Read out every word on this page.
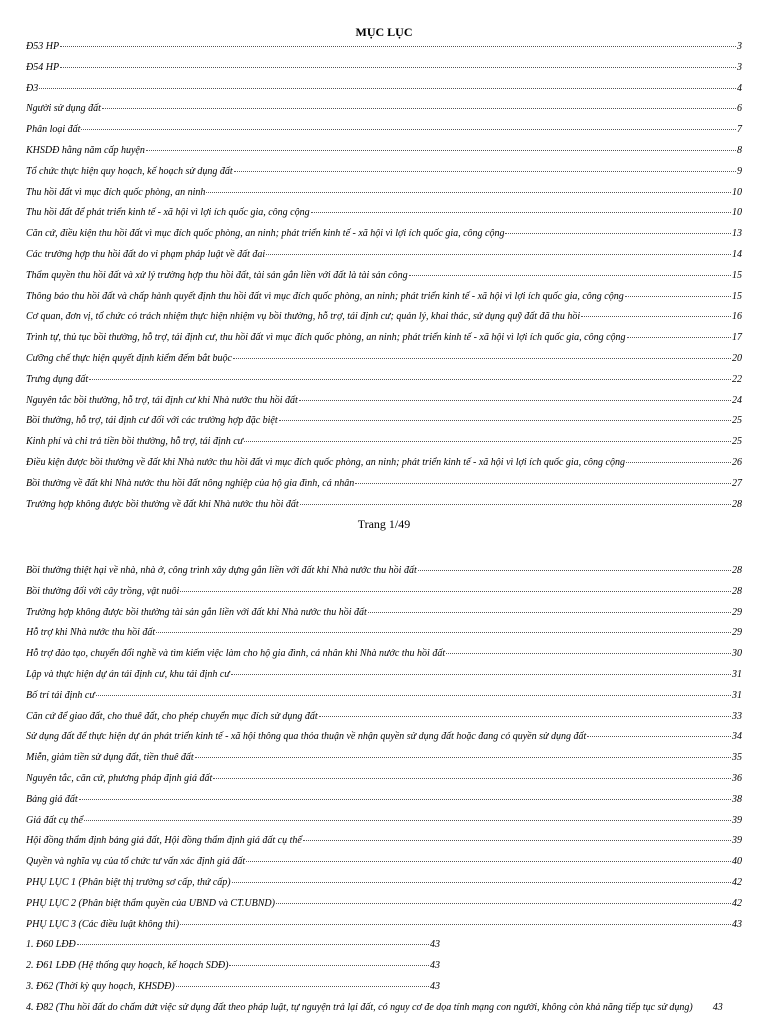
MỤC LỤC
Đ53 HP	3
Đ54 HP	3
Đ3	4
Người sử dụng đất	6
Phân loại đất	7
KHSDĐ hằng năm cấp huyện	8
Tổ chức thực hiện quy hoạch, kế hoạch sử dụng đất	9
Thu hồi đất vì mục đích quốc phòng, an ninh	10
Thu hồi đất để phát triển kinh tế - xã hội vì lợi ích quốc gia, công cộng	10
Căn cứ, điều kiện thu hồi đất vì mục đích quốc phòng, an ninh; phát triển kinh tế - xã hội vì lợi ích quốc gia, công cộng	13
Các trường hợp thu hồi đất do vi phạm pháp luật về đất đai	14
Thẩm quyền thu hồi đất và xử lý trường hợp thu hồi đất, tài sản gắn liền với đất là tài sản công	15
Thông báo thu hồi đất và chấp hành quyết định thu hồi đất vì mục đích quốc phòng, an ninh; phát triển kinh tế - xã hội vì lợi ích quốc gia, công cộng	15
Cơ quan, đơn vị, tổ chức có trách nhiệm thực hiện nhiệm vụ bồi thường, hỗ trợ, tái định cư; quản lý, khai thác, sử dụng quỹ đất đã thu hồi	16
Trình tự, thủ tục bồi thường, hỗ trợ, tái định cư, thu hồi đất vì mục đích quốc phòng, an ninh; phát triển kinh tế - xã hội vì lợi ích quốc gia, công cộng	17
Cưỡng chế thực hiện quyết định kiểm đếm bắt buộc	20
Trưng dụng đất	22
Nguyên tắc bồi thường, hỗ trợ, tái định cư khi Nhà nước thu hồi đất	24
Bồi thường, hỗ trợ, tái định cư đối với các trường hợp đặc biệt	25
Kinh phí và chi trả tiền bồi thường, hỗ trợ, tái định cư	25
Điều kiện được bồi thường về đất khi Nhà nước thu hồi đất vì mục đích quốc phòng, an ninh; phát triển kinh tế - xã hội vì lợi ích quốc gia, công cộng	26
Bồi thường về đất khi Nhà nước thu hồi đất nông nghiệp của hộ gia đình, cá nhân	27
Trường hợp không được bồi thường về đất khi Nhà nước thu hồi đất	28
Trang 1/49
Bồi thường thiệt hại về nhà, nhà ở, công trình xây dựng gắn liền với đất khi Nhà nước thu hồi đất	28
Bồi thường đối với cây trồng, vật nuôi	28
Trường hợp không được bồi thường tài sản gắn liền với đất khi Nhà nước thu hồi đất	29
Hỗ trợ khi Nhà nước thu hồi đất	29
Hỗ trợ đào tạo, chuyển đổi nghề và tìm kiếm việc làm cho hộ gia đình, cá nhân khi Nhà nước thu hồi đất	30
Lập và thực hiện dự án tái định cư, khu tái định cư	31
Bố trí tái định cư	31
Căn cứ để giao đất, cho thuê đất, cho phép chuyển mục đích sử dụng đất	33
Sử dụng đất để thực hiện dự án phát triển kinh tế - xã hội thông qua thỏa thuận về nhận quyền sử dụng đất hoặc đang có quyền sử dụng đất	34
Miễn, giảm tiền sử dụng đất, tiền thuê đất	35
Nguyên tắc, căn cứ, phương pháp định giá đất	36
Bảng giá đất	38
Giá đất cụ thể	39
Hội đồng thẩm định bảng giá đất, Hội đồng thẩm định giá đất cụ thể	39
Quyền và nghĩa vụ của tổ chức tư vấn xác định giá đất	40
PHỤ LỤC 1 (Phân biệt thị trường sơ cấp, thứ cấp)	42
PHỤ LỤC 2 (Phân biệt thẩm quyền của UBND và CT.UBND)	42
PHỤ LỤC 3 (Các điều luật không thi)	43
1. Đ60 LĐĐ	43
2. Đ61 LĐĐ (Hệ thống quy hoạch, kế hoạch SDĐ)	43
3. Đ62 (Thời kỳ quy hoạch, KHSDĐ)	43
4. Đ82 (Thu hồi đất do chấm dứt việc sử dụng đất theo pháp luật, tự nguyện trả lại đất, có nguy cơ đe dọa tính mạng con người, không còn khả năng tiếp tục sử dụng) 43
